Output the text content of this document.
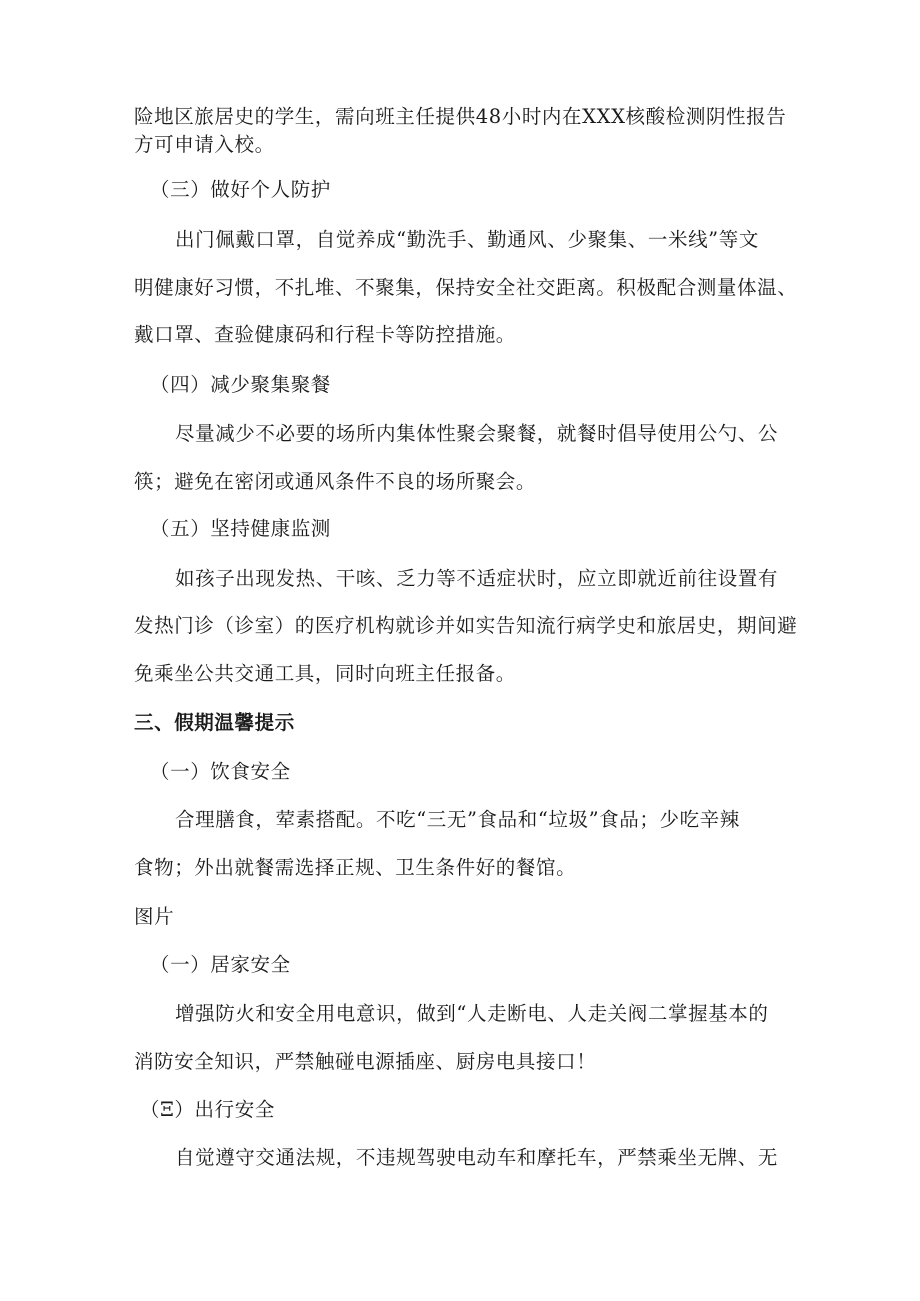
险地区旅居史的学生，需向班主任提供48小时内在XXX核酸检测阴性报告
方可申请入校。
（三）做好个人防护
出门佩戴口罩，自觉养成“勤洗手、勤通风、少聚集、一米线”等文
明健康好习惯，不扎堆、不聚集，保持安全社交距离。积极配合测量体温、
戴口罩、查验健康码和行程卡等防控措施。
（四）减少聚集聚餐
尽量减少不必要的场所内集体性聚会聚餐，就餐时倡导使用公勺、公
筷；避免在密闭或通风条件不良的场所聚会。
（五）坚持健康监测
如孩子出现发热、干咳、乏力等不适症状时，应立即就近前往设置有
发热门诊（诊室）的医疗机构就诊并如实告知流行病学史和旅居史，期间避
免乘坐公共交通工具，同时向班主任报备。
三、假期温馨提示
（一）饮食安全
合理膳食，荤素搭配。不吃“三无”食品和“垃圾”食品；少吃辛辣
食物；外出就餐需选择正规、卫生条件好的餐馆。
图片
（一）居家安全
增强防火和安全用电意识，做到“人走断电、人走关阀二掌握基本的
消防安全知识，严禁触碰电源插座、厨房电具接口！
（Ξ）出行安全
自觉遵守交通法规，不违规驾驶电动车和摩托车，严禁乘坐无牌、无
